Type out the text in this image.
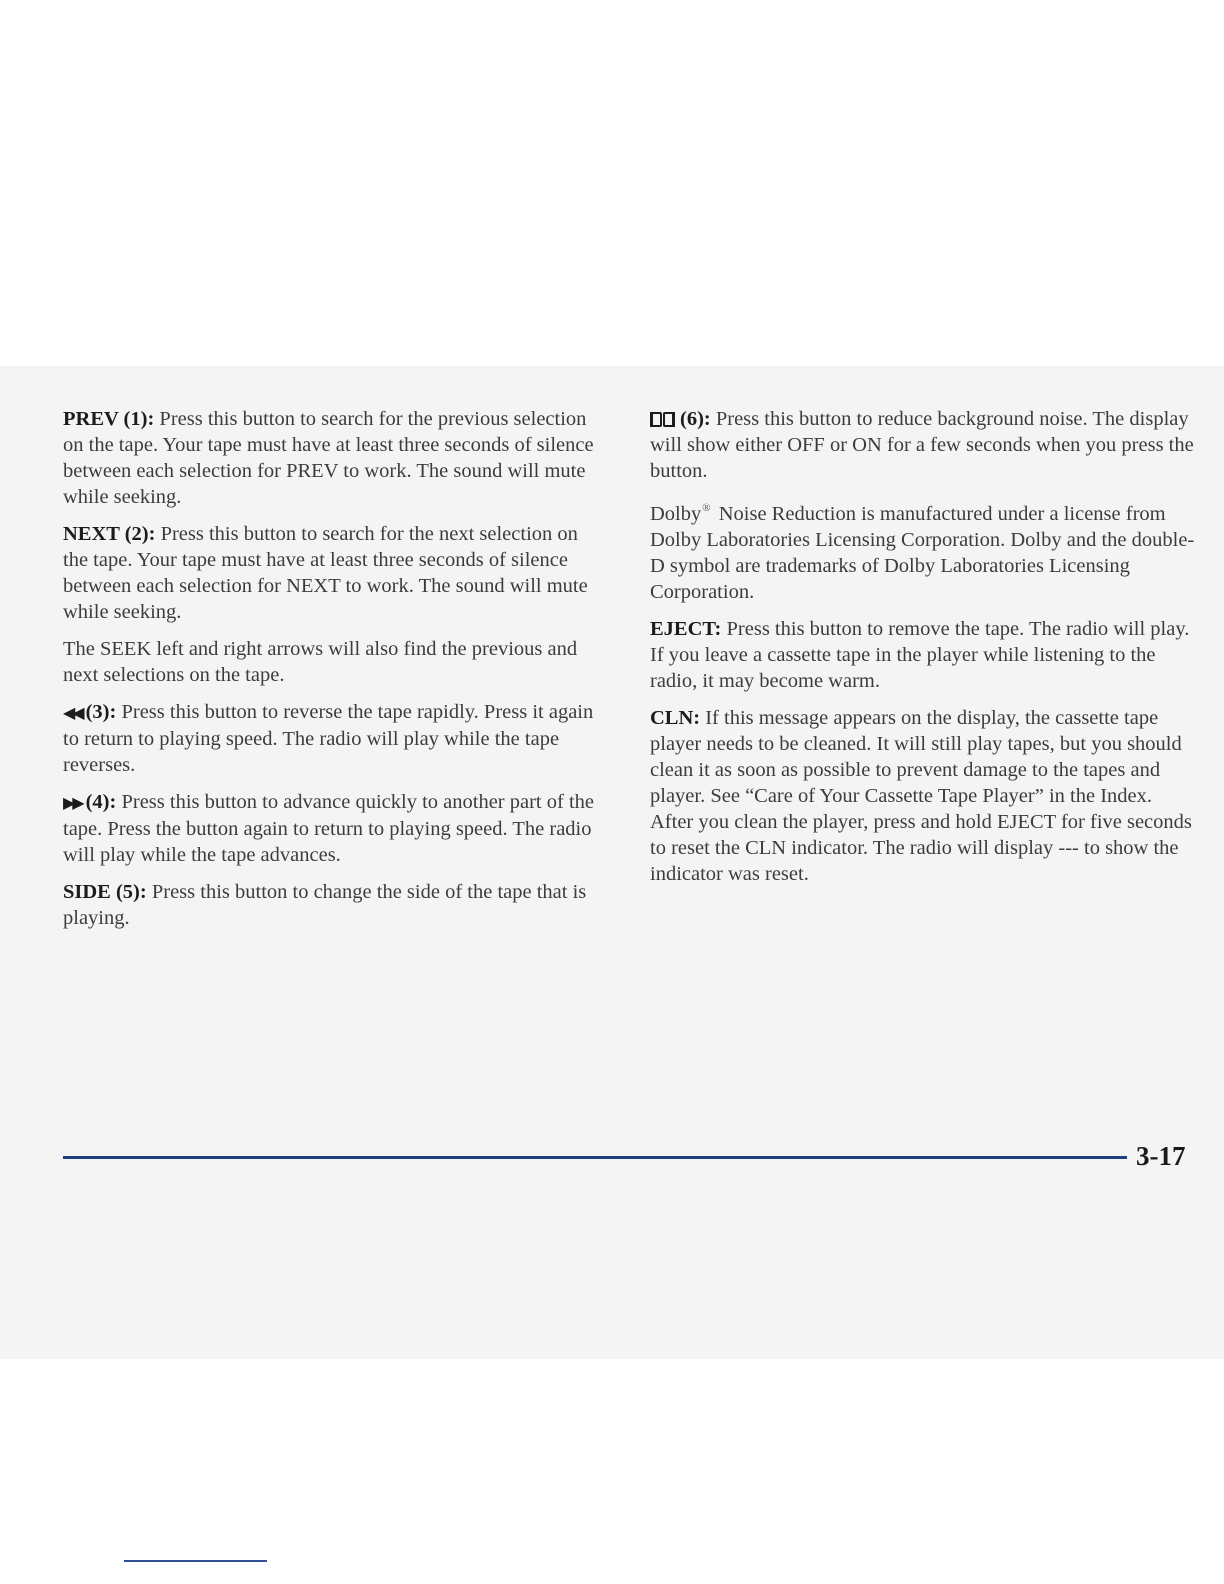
PREV (1): Press this button to search for the previous selection on the tape. Your tape must have at least three seconds of silence between each selection for PREV to work. The sound will mute while seeking.

NEXT (2): Press this button to search for the next selection on the tape. Your tape must have at least three seconds of silence between each selection for NEXT to work. The sound will mute while seeking.

The SEEK left and right arrows will also find the previous and next selections on the tape.

◀◀ (3): Press this button to reverse the tape rapidly. Press it again to return to playing speed. The radio will play while the tape reverses.

▶▶ (4): Press this button to advance quickly to another part of the tape. Press the button again to return to playing speed. The radio will play while the tape advances.

SIDE (5): Press this button to change the side of the tape that is playing.

(6): Press this button to reduce background noise. The display will show either OFF or ON for a few seconds when you press the button.

Dolby® Noise Reduction is manufactured under a license from Dolby Laboratories Licensing Corporation. Dolby and the double-D symbol are trademarks of Dolby Laboratories Licensing Corporation.

EJECT: Press this button to remove the tape. The radio will play. If you leave a cassette tape in the player while listening to the radio, it may become warm.

CLN: If this message appears on the display, the cassette tape player needs to be cleaned. It will still play tapes, but you should clean it as soon as possible to prevent damage to the tapes and player. See “Care of Your Cassette Tape Player” in the Index. After you clean the player, press and hold EJECT for five seconds to reset the CLN indicator. The radio will display --- to show the indicator was reset.

3-17
